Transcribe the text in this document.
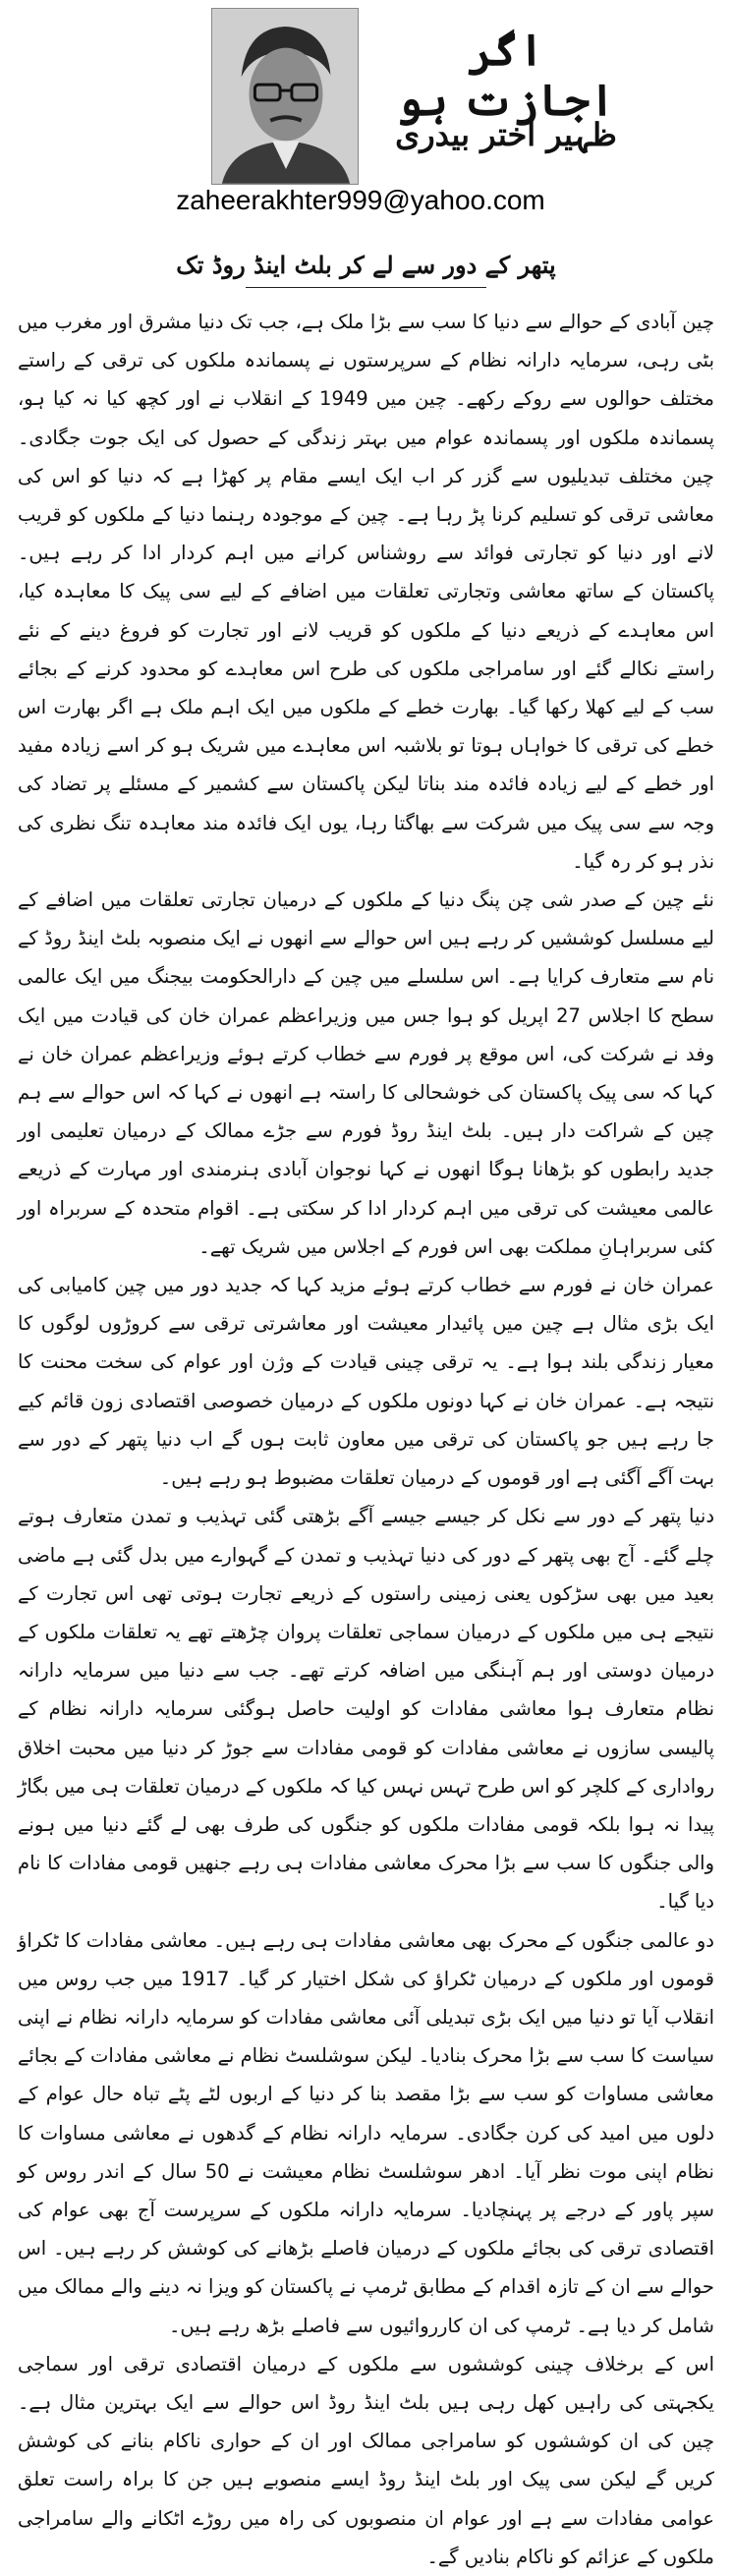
اگر اجازت ہو
ظہیر اختر بیدری
zaheerakhter999@yahoo.com
پتھر کے دور سے لے کر بلٹ اینڈ روڈ تک

چین آبادی کے حوالے سے دنیا کا سب سے بڑا ملک ہے، جب تک دنیا مشرق اور مغرب میں بٹی رہی، سرمایہ دارانہ نظام کے سرپرستوں نے پسماندہ ملکوں کی ترقی کے راستے مختلف حوالوں سے روکے رکھے۔ چین میں 1949 کے انقلاب نے اور کچھ کیا نہ کیا ہو، پسماندہ ملکوں اور پسماندہ عوام میں بہتر زندگی کے حصول کی ایک جوت جگادی۔ چین مختلف تبدیلیوں سے گزر کر اب ایک ایسے مقام پر کھڑا ہے کہ دنیا کو اس کی معاشی ترقی کو تسلیم کرنا پڑ رہا ہے۔ چین کے موجودہ رہنما دنیا کے ملکوں کو قریب لانے اور دنیا کو تجارتی فوائد سے روشناس کرانے میں اہم کردار ادا کر رہے ہیں۔ پاکستان کے ساتھ معاشی وتجارتی تعلقات میں اضافے کے لیے سی پیک کا معاہدہ کیا، اس معاہدے کے ذریعے دنیا کے ملکوں کو قریب لانے اور تجارت کو فروغ دینے کے نئے راستے نکالے گئے اور سامراجی ملکوں کی طرح اس معاہدے کو محدود کرنے کے بجائے سب کے لیے کھلا رکھا گیا۔ بھارت خطے کے ملکوں میں ایک اہم ملک ہے اگر بھارت اس خطے کی ترقی کا خواہاں ہوتا تو بلاشبہ اس معاہدے میں شریک ہو کر اسے زیادہ مفید اور خطے کے لیے زیادہ فائدہ مند بناتا لیکن پاکستان سے کشمیر کے مسئلے پر تضاد کی وجہ سے سی پیک میں شرکت سے بھاگتا رہا، یوں ایک فائدہ مند معاہدہ تنگ نظری کی نذر ہو کر رہ گیا۔

نئے چین کے صدر شی چن پنگ دنیا کے ملکوں کے درمیان تجارتی تعلقات میں اضافے کے لیے مسلسل کوششیں کر رہے ہیں اس حوالے سے انھوں نے ایک منصوبہ بلٹ اینڈ روڈ کے نام سے متعارف کرایا ہے۔ اس سلسلے میں چین کے دارالحکومت بیجنگ میں ایک عالمی سطح کا اجلاس 27 اپریل کو ہوا جس میں وزیراعظم عمران خان کی قیادت میں ایک وفد نے شرکت کی، اس موقع پر فورم سے خطاب کرتے ہوئے وزیراعظم عمران خان نے کہا کہ سی پیک پاکستان کی خوشحالی کا راستہ ہے انھوں نے کہا کہ اس حوالے سے ہم چین کے شراکت دار ہیں۔ بلٹ اینڈ روڈ فورم سے جڑے ممالک کے درمیان تعلیمی اور جدید رابطوں کو بڑھانا ہوگا انھوں نے کہا نوجوان آبادی ہنرمندی اور مہارت کے ذریعے عالمی معیشت کی ترقی میں اہم کردار ادا کر سکتی ہے۔ اقوام متحدہ کے سربراہ اور کئی سربراہانِ مملکت بھی اس فورم کے اجلاس میں شریک تھے۔

عمران خان نے فورم سے خطاب کرتے ہوئے مزید کہا کہ جدید دور میں چین کامیابی کی ایک بڑی مثال ہے چین میں پائیدار معیشت اور معاشرتی ترقی سے کروڑوں لوگوں کا معیار زندگی بلند ہوا ہے۔ یہ ترقی چینی قیادت کے وژن اور عوام کی سخت محنت کا نتیجہ ہے۔ عمران خان نے کہا دونوں ملکوں کے درمیان خصوصی اقتصادی زون قائم کیے جا رہے ہیں جو پاکستان کی ترقی میں معاون ثابت ہوں گے اب دنیا پتھر کے دور سے بہت آگے آگئی ہے اور قوموں کے درمیان تعلقات مضبوط ہو رہے ہیں۔

دنیا پتھر کے دور سے نکل کر جیسے جیسے آگے بڑھتی گئی تہذیب و تمدن متعارف ہوتے چلے گئے۔ آج بھی پتھر کے دور کی دنیا تہذیب و تمدن کے گہوارے میں بدل گئی ہے ماضی بعید میں بھی سڑکوں یعنی زمینی راستوں کے ذریعے تجارت ہوتی تھی اس تجارت کے نتیجے ہی میں ملکوں کے درمیان سماجی تعلقات پروان چڑھتے تھے یہ تعلقات ملکوں کے درمیان دوستی اور ہم آہنگی میں اضافہ کرتے تھے۔ جب سے دنیا میں سرمایہ دارانہ نظام متعارف ہوا معاشی مفادات کو اولیت حاصل ہوگئی سرمایہ دارانہ نظام کے پالیسی سازوں نے معاشی مفادات کو قومی مفادات سے جوڑ کر دنیا میں محبت اخلاق رواداری کے کلچر کو اس طرح تہس نہس کیا کہ ملکوں کے درمیان تعلقات ہی میں بگاڑ پیدا نہ ہوا بلکہ قومی مفادات ملکوں کو جنگوں کی طرف بھی لے گئے دنیا میں ہونے والی جنگوں کا سب سے بڑا محرک معاشی مفادات ہی رہے جنھیں قومی مفادات کا نام دیا گیا۔

دو عالمی جنگوں کے محرک بھی معاشی مفادات ہی رہے ہیں۔ معاشی مفادات کا ٹکراؤ قوموں اور ملکوں کے درمیان ٹکراؤ کی شکل اختیار کر گیا۔ 1917 میں جب روس میں انقلاب آیا تو دنیا میں ایک بڑی تبدیلی آئی معاشی مفادات کو سرمایہ دارانہ نظام نے اپنی سیاست کا سب سے بڑا محرک بنادیا۔ لیکن سوشلسٹ نظام نے معاشی مفادات کے بجائے معاشی مساوات کو سب سے بڑا مقصد بنا کر دنیا کے اربوں لٹے پٹے تباہ حال عوام کے دلوں میں امید کی کرن جگادی۔ سرمایہ دارانہ نظام کے گدھوں نے معاشی مساوات کا نظام اپنی موت نظر آیا۔ ادھر سوشلسٹ نظام معیشت نے 50 سال کے اندر روس کو سپر پاور کے درجے پر پہنچادیا۔ سرمایہ دارانہ ملکوں کے سرپرست آج بھی عوام کی اقتصادی ترقی کی بجائے ملکوں کے درمیان فاصلے بڑھانے کی کوشش کر رہے ہیں۔ اس حوالے سے ان کے تازہ اقدام کے مطابق ٹرمپ نے پاکستان کو ویزا نہ دینے والے ممالک میں شامل کر دیا ہے۔ ٹرمپ کی ان کارروائیوں سے فاصلے بڑھ رہے ہیں۔

اس کے برخلاف چینی کوششوں سے ملکوں کے درمیان اقتصادی ترقی اور سماجی یکجہتی کی راہیں کھل رہی ہیں بلٹ اینڈ روڈ اس حوالے سے ایک بہترین مثال ہے۔ چین کی ان کوششوں کو سامراجی ممالک اور ان کے حواری ناکام بنانے کی کوشش کریں گے لیکن سی پیک اور بلٹ اینڈ روڈ ایسے منصوبے ہیں جن کا براہ راست تعلق عوامی مفادات سے ہے اور عوام ان منصوبوں کی راہ میں روڑے اٹکانے والے سامراجی ملکوں کے عزائم کو ناکام بنادیں گے۔
